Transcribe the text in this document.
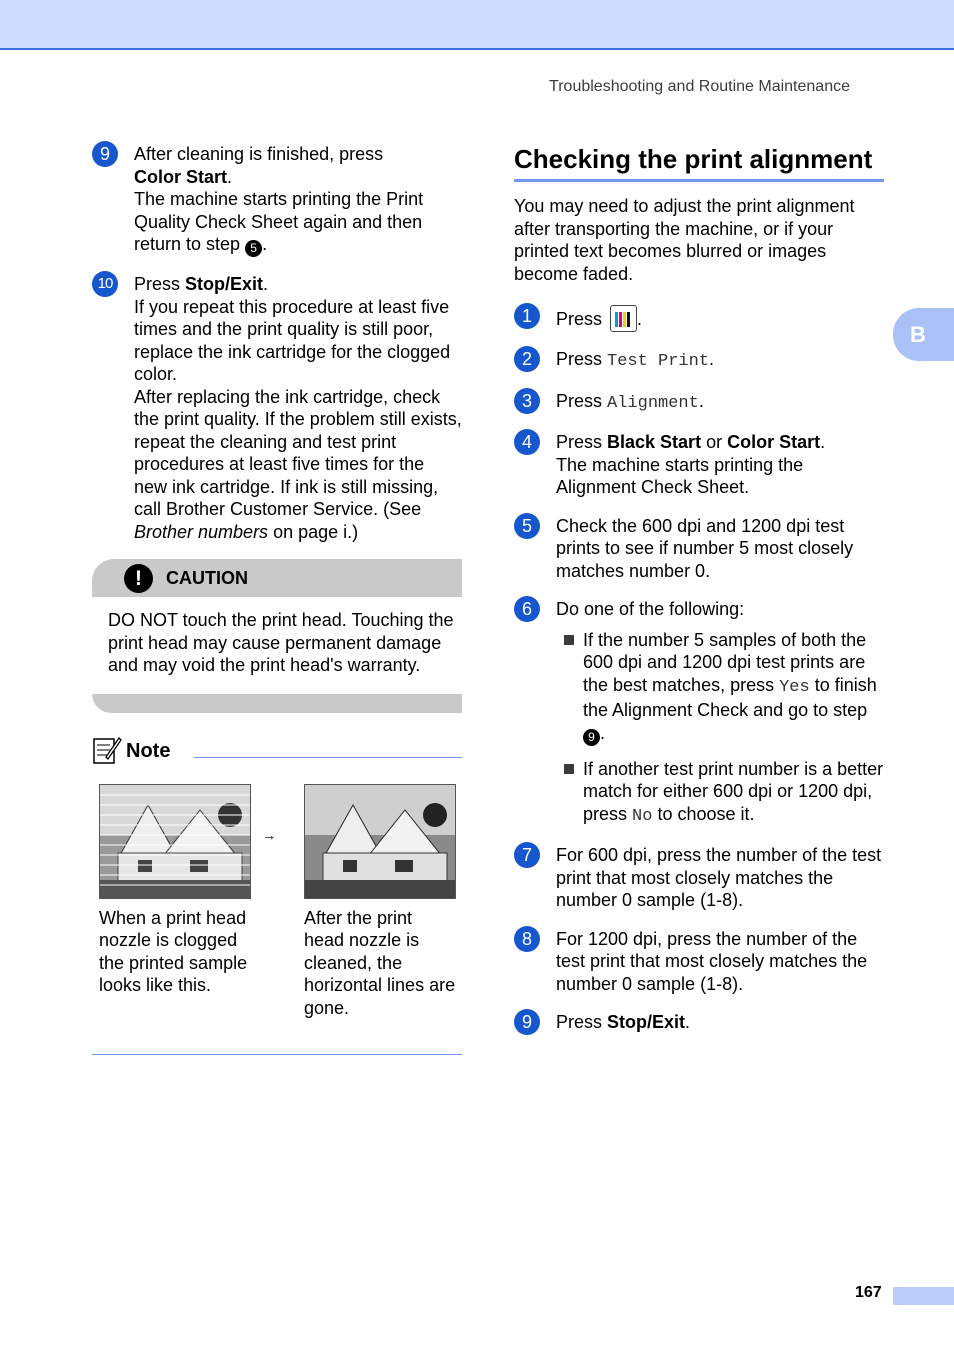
Troubleshooting and Routine Maintenance
B
9	After cleaning is finished, press
Color Start.
The machine starts printing the Print Quality Check Sheet again and then return to step 5 .
10	Press Stop/Exit.
If you repeat this procedure at least five times and the print quality is still poor, replace the ink cartridge for the clogged color.
After replacing the ink cartridge, check the print quality. If the problem still exists, repeat the cleaning and test print procedures at least five times for the new ink cartridge. If ink is still missing, call Brother Customer Service. (See Brother numbers on page i.)
!	CAUTION
DO NOT touch the print head. Touching the print head may cause permanent damage and may void the print head's warranty.
Note
When a print head nozzle is clogged the printed sample looks like this.
→
After the print head nozzle is cleaned, the horizontal lines are gone.
Checking the print alignment
You may need to adjust the print alignment after transporting the machine, or if your printed text becomes blurred or images become faded.
1	Press .
2	Press Test Print.
3	Press Alignment.
4	Press Black Start or Color Start.
The machine starts printing the Alignment Check Sheet.
5	Check the 600 dpi and 1200 dpi test prints to see if number 5 most closely matches number 0.
6	Do one of the following:
If the number 5 samples of both the 600 dpi and 1200 dpi test prints are the best matches, press Yes to finish the Alignment Check and go to step 9 .
If another test print number is a better match for either 600 dpi or 1200 dpi, press No to choose it.
7	For 600 dpi, press the number of the test print that most closely matches the number 0 sample (1-8).
8	For 1200 dpi, press the number of the test print that most closely matches the number 0 sample (1-8).
9	Press Stop/Exit.
167
